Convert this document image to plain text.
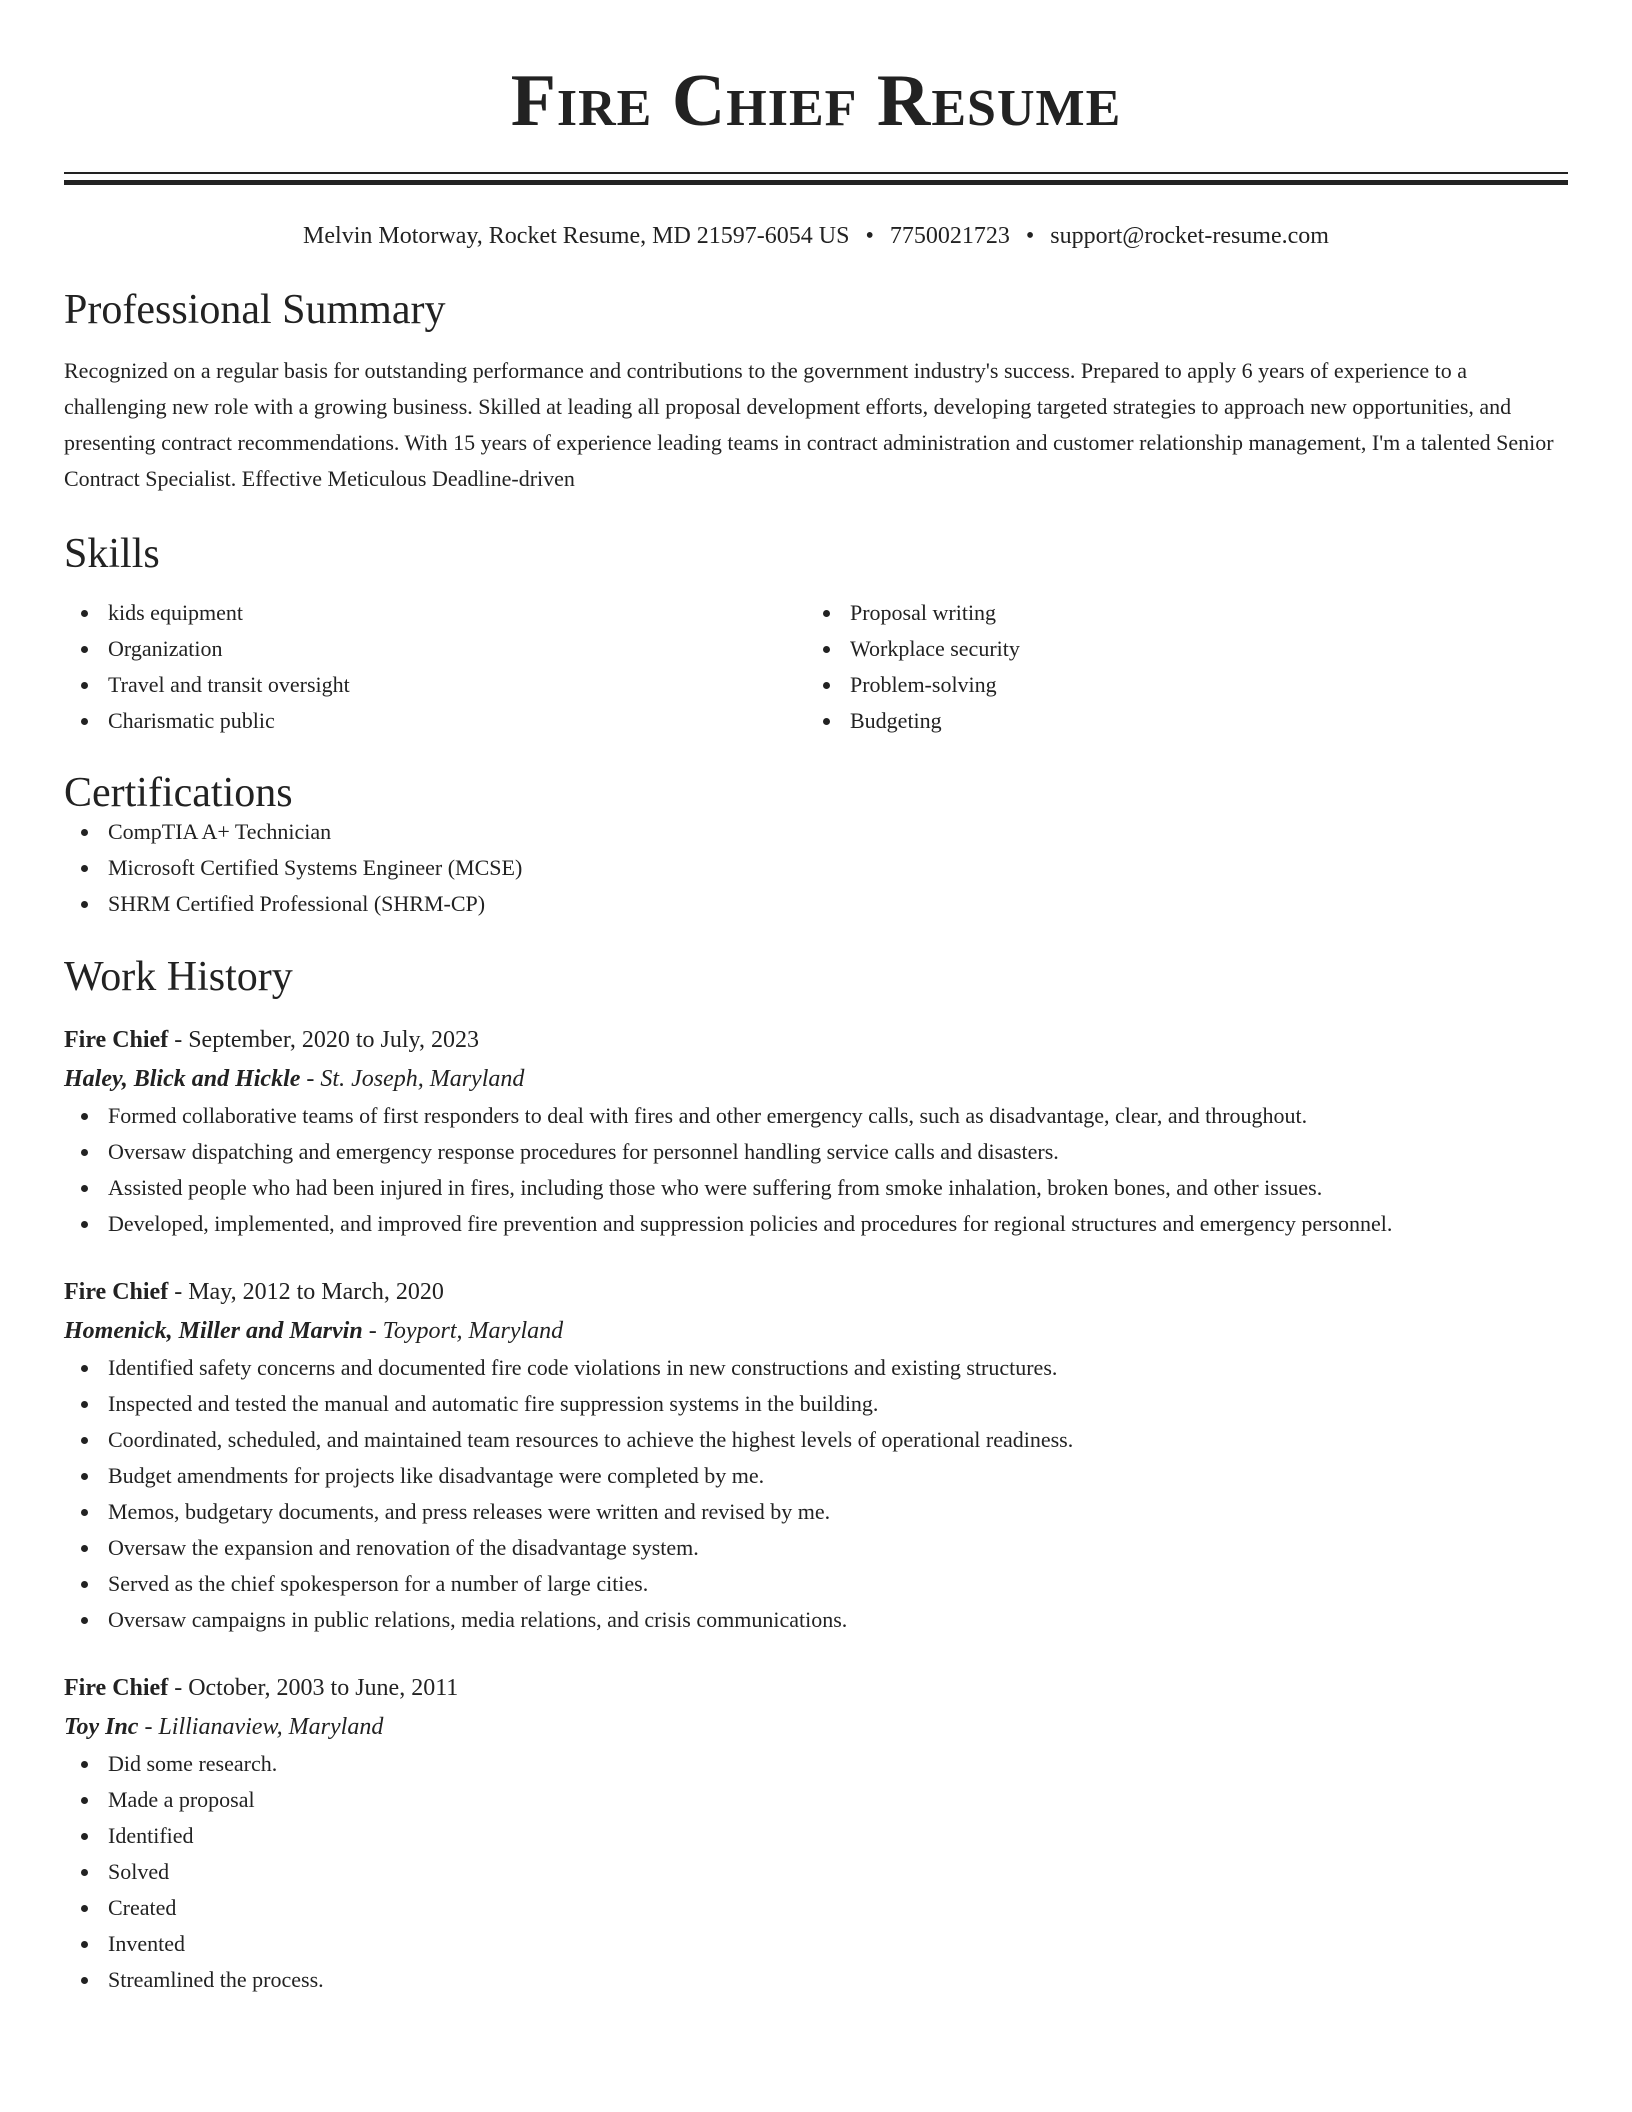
Fire Chief Resume
Melvin Motorway, Rocket Resume, MD 21597-6054 US • 7750021723 • support@rocket-resume.com
Professional Summary
Recognized on a regular basis for outstanding performance and contributions to the government industry's success. Prepared to apply 6 years of experience to a challenging new role with a growing business. Skilled at leading all proposal development efforts, developing targeted strategies to approach new opportunities, and presenting contract recommendations. With 15 years of experience leading teams in contract administration and customer relationship management, I'm a talented Senior Contract Specialist. Effective Meticulous Deadline-driven
Skills
kids equipment
Organization
Travel and transit oversight
Charismatic public
Proposal writing
Workplace security
Problem-solving
Budgeting
Certifications
CompTIA A+ Technician
Microsoft Certified Systems Engineer (MCSE)
SHRM Certified Professional (SHRM-CP)
Work History
Fire Chief - September, 2020 to July, 2023
Haley, Blick and Hickle - St. Joseph, Maryland
Formed collaborative teams of first responders to deal with fires and other emergency calls, such as disadvantage, clear, and throughout.
Oversaw dispatching and emergency response procedures for personnel handling service calls and disasters.
Assisted people who had been injured in fires, including those who were suffering from smoke inhalation, broken bones, and other issues.
Developed, implemented, and improved fire prevention and suppression policies and procedures for regional structures and emergency personnel.
Fire Chief - May, 2012 to March, 2020
Homenick, Miller and Marvin - Toyport, Maryland
Identified safety concerns and documented fire code violations in new constructions and existing structures.
Inspected and tested the manual and automatic fire suppression systems in the building.
Coordinated, scheduled, and maintained team resources to achieve the highest levels of operational readiness.
Budget amendments for projects like disadvantage were completed by me.
Memos, budgetary documents, and press releases were written and revised by me.
Oversaw the expansion and renovation of the disadvantage system.
Served as the chief spokesperson for a number of large cities.
Oversaw campaigns in public relations, media relations, and crisis communications.
Fire Chief - October, 2003 to June, 2011
Toy Inc - Lillianaview, Maryland
Did some research.
Made a proposal
Identified
Solved
Created
Invented
Streamlined the process.
